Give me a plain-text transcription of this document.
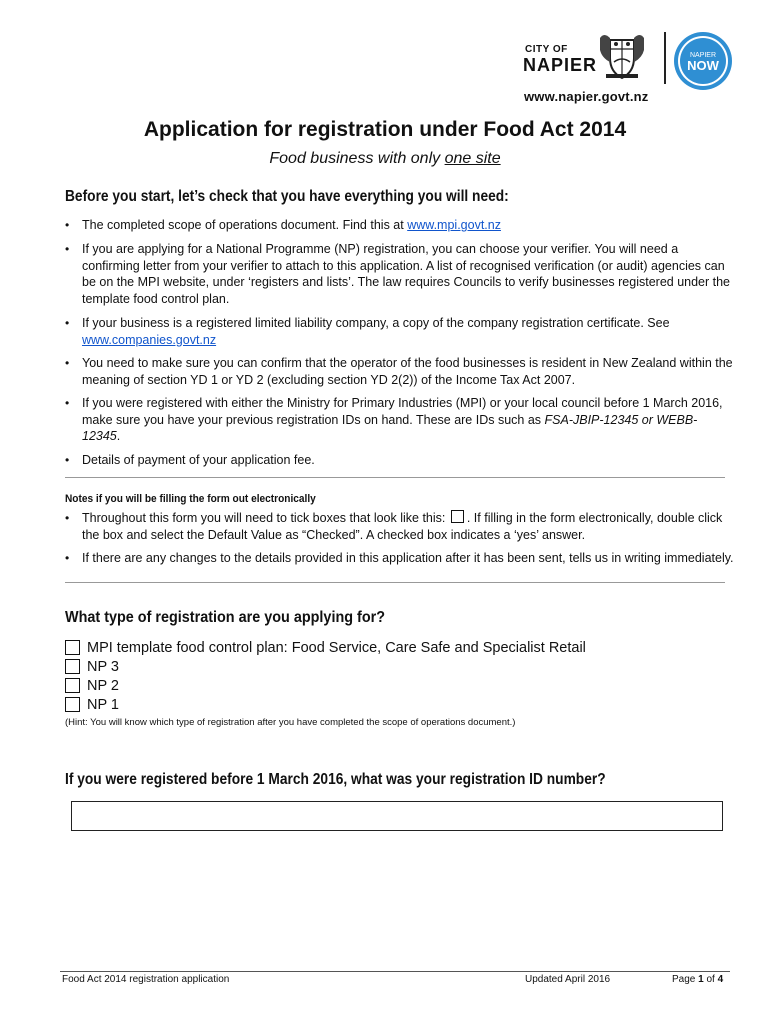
CITY OF
NAPIER	NAPIER
NOW
www.napier.govt.nz
Application for registration under Food Act 2014
Food business with only one site
Before you start, let’s check that you have everything you will need:
• The completed scope of operations document. Find this at www.mpi.govt.nz
• If you are applying for a National Programme (NP) registration, you can choose your verifier. You will need a confirming letter from your verifier to attach to this application. A list of recognised verification (or audit) agencies can be on the MPI website, under ‘registers and lists’. The law requires Councils to verify businesses registered under the template food control plan.
• If your business is a registered limited liability company, a copy of the company registration certificate. See www.companies.govt.nz
• You need to make sure you can confirm that the operator of the food businesses is resident in New Zealand within the meaning of section YD 1 or YD 2 (excluding section YD 2(2)) of the Income Tax Act 2007.
• If you were registered with either the Ministry for Primary Industries (MPI) or your local council before 1 March 2016, make sure you have your previous registration IDs on hand. These are IDs such as FSA-JBIP-12345 or WEBB-12345.
• Details of payment of your application fee.
Notes if you will be filling the form out electronically
• Throughout this form you will need to tick boxes that look like this: . If filling in the form electronically, double click the box and select the Default Value as “Checked”. A checked box indicates a ‘yes’ answer.
• If there are any changes to the details provided in this application after it has been sent, tells us in writing immediately.
What type of registration are you applying for?
MPI template food control plan: Food Service, Care Safe and Specialist Retail
NP 3
NP 2
NP 1
(Hint: You will know which type of registration after you have completed the scope of operations document.)
If you were registered before 1 March 2016, what was your registration ID number?
Food Act 2014 registration application	Updated April 2016	Page 1 of 4
